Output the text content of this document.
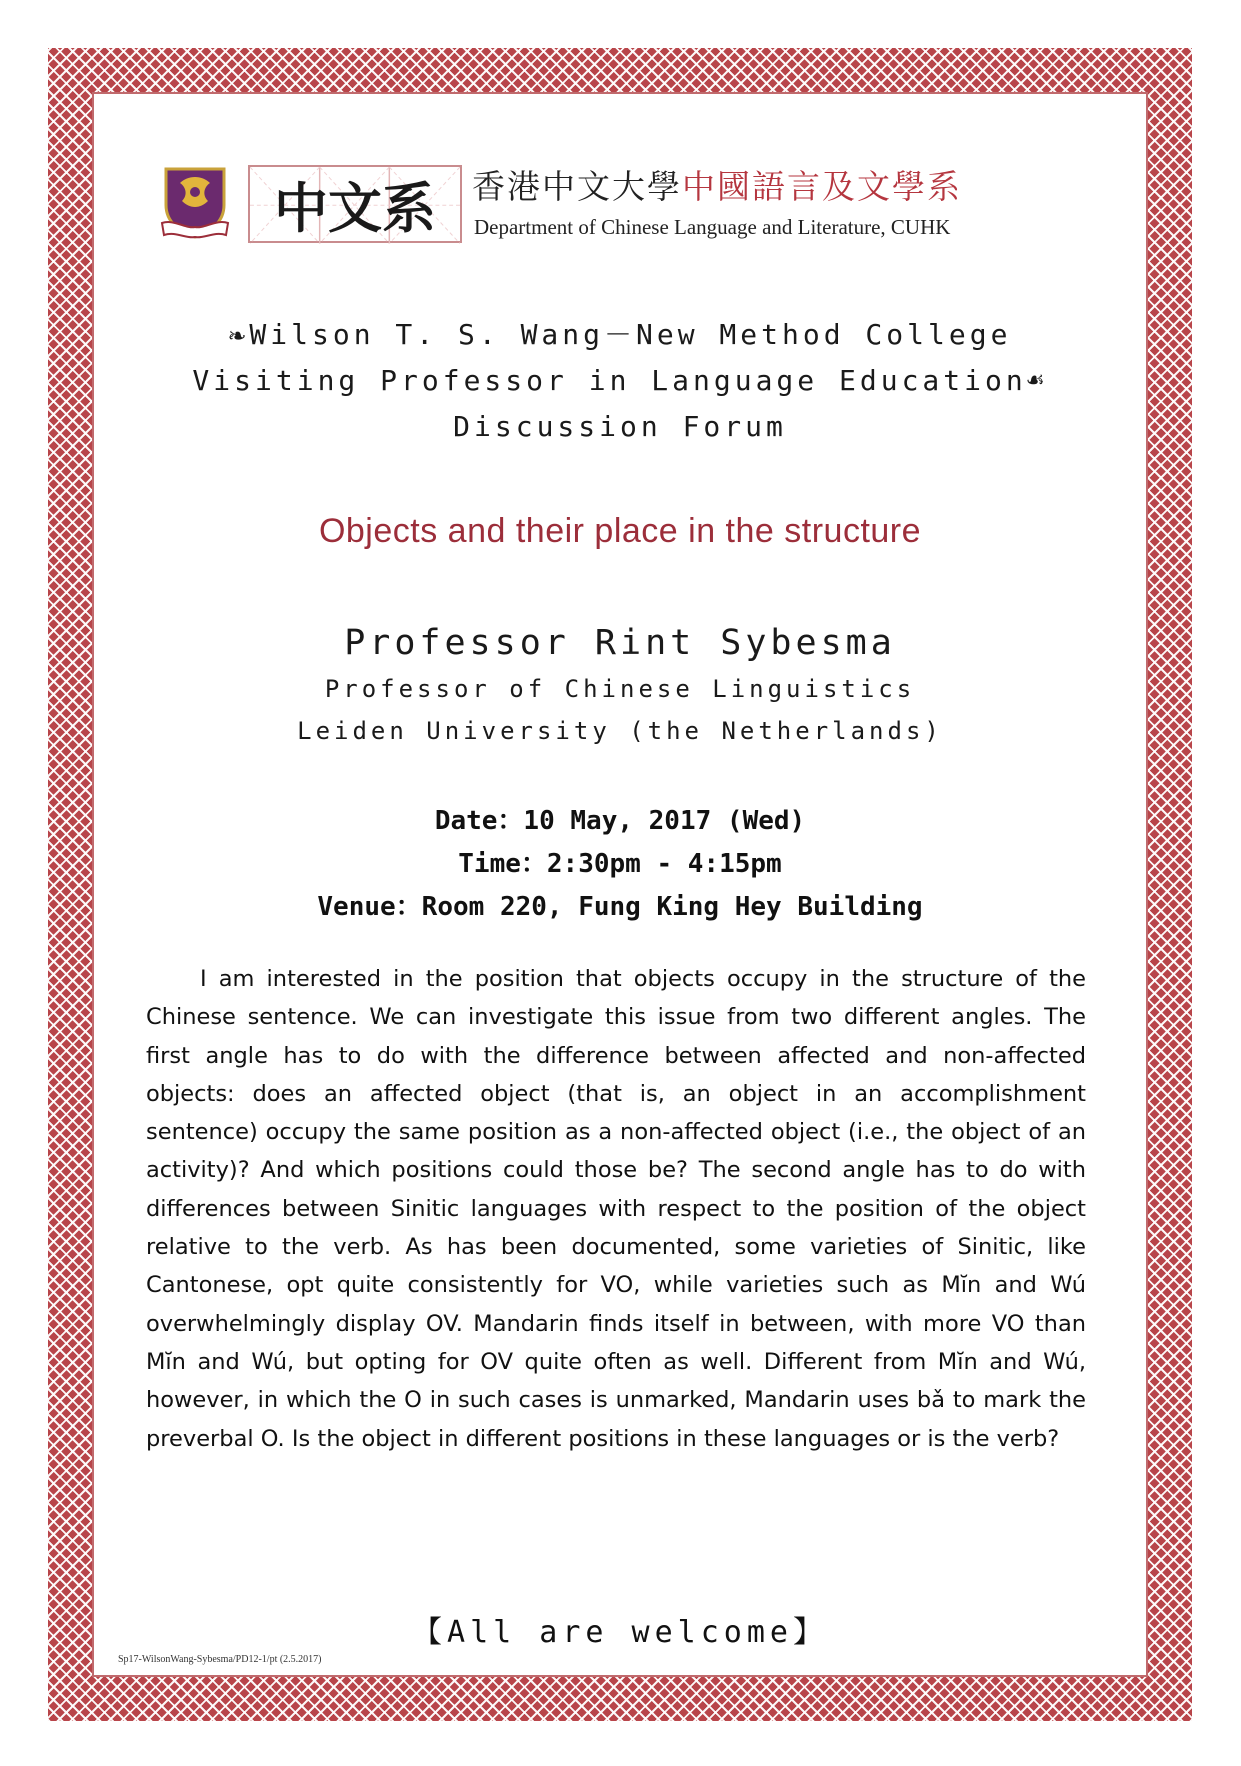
中文系	香港中文大學中國語言及文學系
Department of Chinese Language and Literature, CUHK
❧Wilson T. S. Wang－New Method College
Visiting Professor in Language Education☙
Discussion Forum
Objects and their place in the structure
Professor Rint Sybesma
Professor of Chinese Linguistics
Leiden University (the Netherlands)
Date：10 May, 2017 (Wed)
Time：2:30pm - 4:15pm
Venue：Room 220, Fung King Hey Building
I am interested in the position that objects occupy in the structure of the Chinese sentence. We can investigate this issue from two different angles. The first angle has to do with the difference between affected and non-affected objects: does an affected object (that is, an object in an accomplishment sentence) occupy the same position as a non-affected object (i.e., the object of an activity)? And which positions could those be? The second angle has to do with differences between Sinitic languages with respect to the position of the object relative to the verb. As has been documented, some varieties of Sinitic, like Cantonese, opt quite consistently for VO, while varieties such as Mĭn and Wú overwhelmingly display OV. Mandarin finds itself in between, with more VO than Mĭn and Wú, but opting for OV quite often as well. Different from Mĭn and Wú, however, in which the O in such cases is unmarked, Mandarin uses bǎ to mark the preverbal O. Is the object in different positions in these languages or is the verb?
【All are welcome】
Sp17-WilsonWang-Sybesma/PD12-1/pt (2.5.2017)
